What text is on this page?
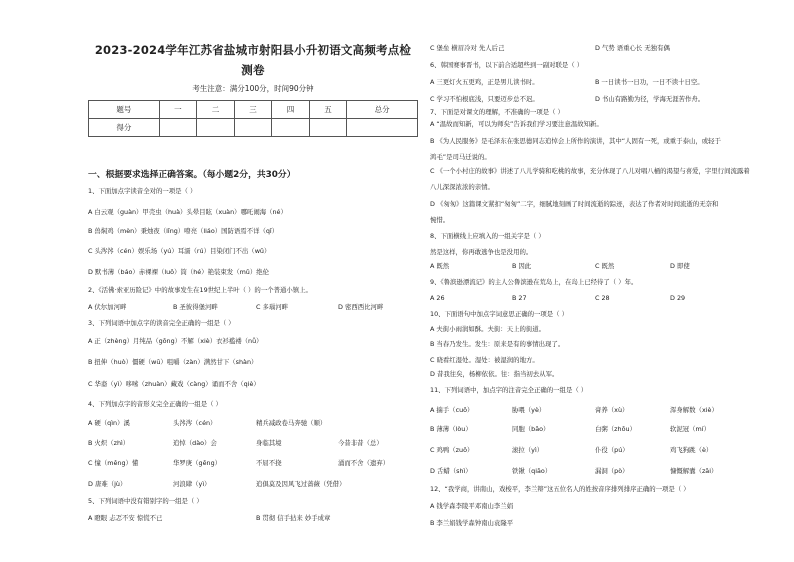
2023-2024学年江苏省盐城市射阳县小升初语文高频考点检
测卷
考生注意：满分100分，时间90分钟
题号	一	二	三	四	五	总分
得分						
一、根据要求选择正确答案。（每小题2分，共30分）
1、下面加点字读音全对的一项是（ ）
A 白云观（guàn）甲壳虫（huà）头晕目眩（xuàn）哪吒闹海（né）
B 兽焖鸡（mèn）秉烛夜（lǐng）嘹亮（liáo）国防语焉不详（qǐ）
C 头涔涔（cén）娱乐场（yú）耳濡（rú）目染闭门不出（wǔ）
D 默书薄（báo）赤裸裸（luǒ）筒（hé）艳装束发（mǔ）绝伦
2、《活佛·索亚历险记》中的故事发生在19世纪上半叶（ ）的一个普通小镇上。
3、下列词语中加点字的读音完全正确的一组是（ ）
A 正（zhèng）月纯品（gōng）不解（xiè）衣衫褴褛（nǚ）
B 扭伸（huò）僵硬（wū）咀嚼（zàn）满然甘下（shàn）
C 华裔（yì）哆嗦（zhuàn）藏戏（càng）诵而不舍（qiè）
4、下列加点字的音形义完全正确的一组是（ ）
5、下列词语中没有错别字的一组是（ ）
A 伏尔加河畔	B 圣彼得堡河畔	C 多瑙河畔	D 密西西比河畔
A 硬（qìn）溪	头涔涔（cén）	精兵减政卷马奔驰（顺）
B 火炽（zhì）	追悼（dào）会	身临其境	今昔非昔（总）
C 憧（měng）懂	华罗庚（gēng）	不屈不挠	涌而不舍（遗弃）
D 唐难（jù）	河浪肆（yì）	追俱莫及因风飞过蔷薇（凭借）
A 瞪眼 忐忑不安 惊慌不已	B 贯彻 信手拈来 妙手成章
C 堡垒 横眉冷对 先人后己
6、韩国赛事晋书，以下前合适超些到一副对联是（ ）
7、下面是对课文的理解，不准确的一项是（ ）
A “温故而知新，可以为师矣”告诉我们学习要注意温故知新。
B 《为人民服务》是毛泽东在张思德同志追悼会上所作的演讲，其中“人固有一死，或重于泰山，或轻于
鸿毛”是司马迁说的。
C 《一个小村庄的故事》讲述了八儿学骑和吃桃的故事，充分体现了八儿对唱八桶的渴望与喜爱，字里行间流露着
八儿深深浓浓的亲情。
D 《匆匆》这篇课文紧扣“匆匆”二字，细腻地刻画了时间流逝的踪迹，表达了作者对时间流逝的无奈和
惋惜。
8、下面横线上应填入的一组关字是（ ）
然是这样，你再敢逃争也是没用的。
9、《鲁滨逊漂流记》的主人公鲁滨逊在荒岛上，在岛上已经待了（ ）年。
10、下面语句中加点字词意思正确的一项是（ ）
A 夫街小雨润如酥。夫街：天上的街道。
B 当春乃发生。发生：原来是有的事情出现了。
C 晓看红湿处。湿处：被湿润的地方。
D 昔我往矣，杨柳依依。往：指当初去从军。
11、下列词语中，加点字的注音完全正确的一组是（ ）
12、“我学商，讲南山，戏梭平，李兰辩”这五位名人的姓按音序排列排序正确的一项是（ ）
A 钱学森李陵平邓南山李兰娟
B 李兰娟钱学森钟南山袁隆平
D 气势 语重心长 无独有偶
A 三更灯火五更鸡，正是男儿读书时。	B 一日读书一日功，一日不读十日空。
C 学习不怕根底浅，只要迈步总不迟。	D 书山有路勤为径，学海无涯苦作舟。
A 既然	B 因此	C 既然	D 即使
A 26	B 27	C 28	D 29
A 揣手（cuō）	胁喂（yè）	膏养（xù）	浑身解数（xiè）
B 薄薄（lòu）	同胞（bāo）	白粥（zhōu）	软泥冠（mí）
C 鸡鸭（zuǒ）	滚拉（yì）	仆役（pú）	鸡飞狗跳（è）
D 舌蜡（shì）	铁锹（qiāo）	漏洞（pò）	慷慨解囊（zāi）
